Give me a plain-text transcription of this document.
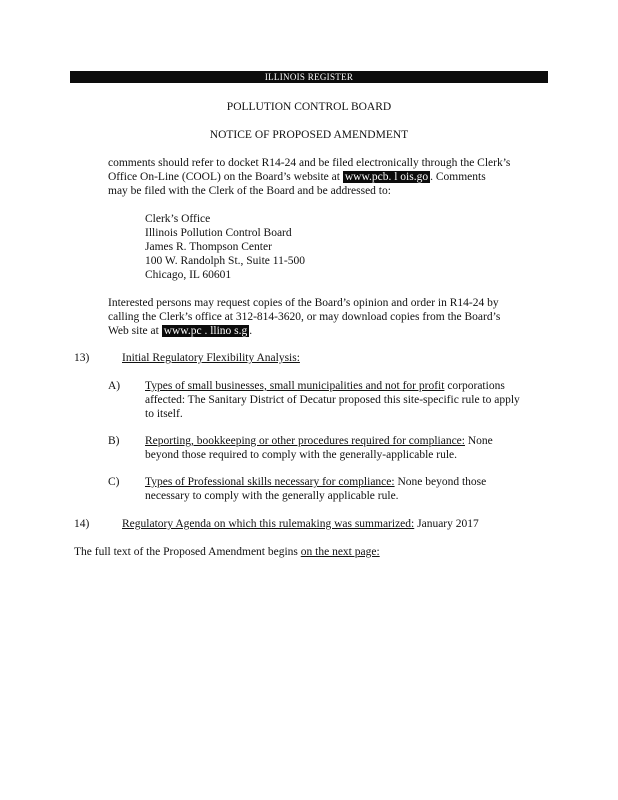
ILLINOIS REGISTER
POLLUTION CONTROL BOARD
NOTICE OF PROPOSED AMENDMENT
comments should refer to docket R14-24 and be filed electronically through the Clerk’s
Office On-Line (COOL) on the Board’s website at www.pcb. l ois.go . Comments
may be filed with the Clerk of the Board and be addressed to:
Clerk’s Office
Illinois Pollution Control Board
James R. Thompson Center
100 W. Randolph St., Suite 11-500
Chicago, IL 60601
Interested persons may request copies of the Board’s opinion and order in R14-24 by
calling the Clerk’s office at 312-814-3620, or may download copies from the Board’s
Web site at www.pc . llino s.g .
13)	Initial Regulatory Flexibility Analysis:
A) Types of small businesses, small municipalities and not for profit corporations
affected: The Sanitary District of Decatur proposed this site-specific rule to apply
to itself.
B) Reporting, bookkeeping or other procedures required for compliance: None
beyond those required to comply with the generally-applicable rule.
C) Types of Professional skills necessary for compliance: None beyond those
necessary to comply with the generally applicable rule.
14)	Regulatory Agenda on which this rulemaking was summarized: January 2017
The full text of the Proposed Amendment begins on the next page:
